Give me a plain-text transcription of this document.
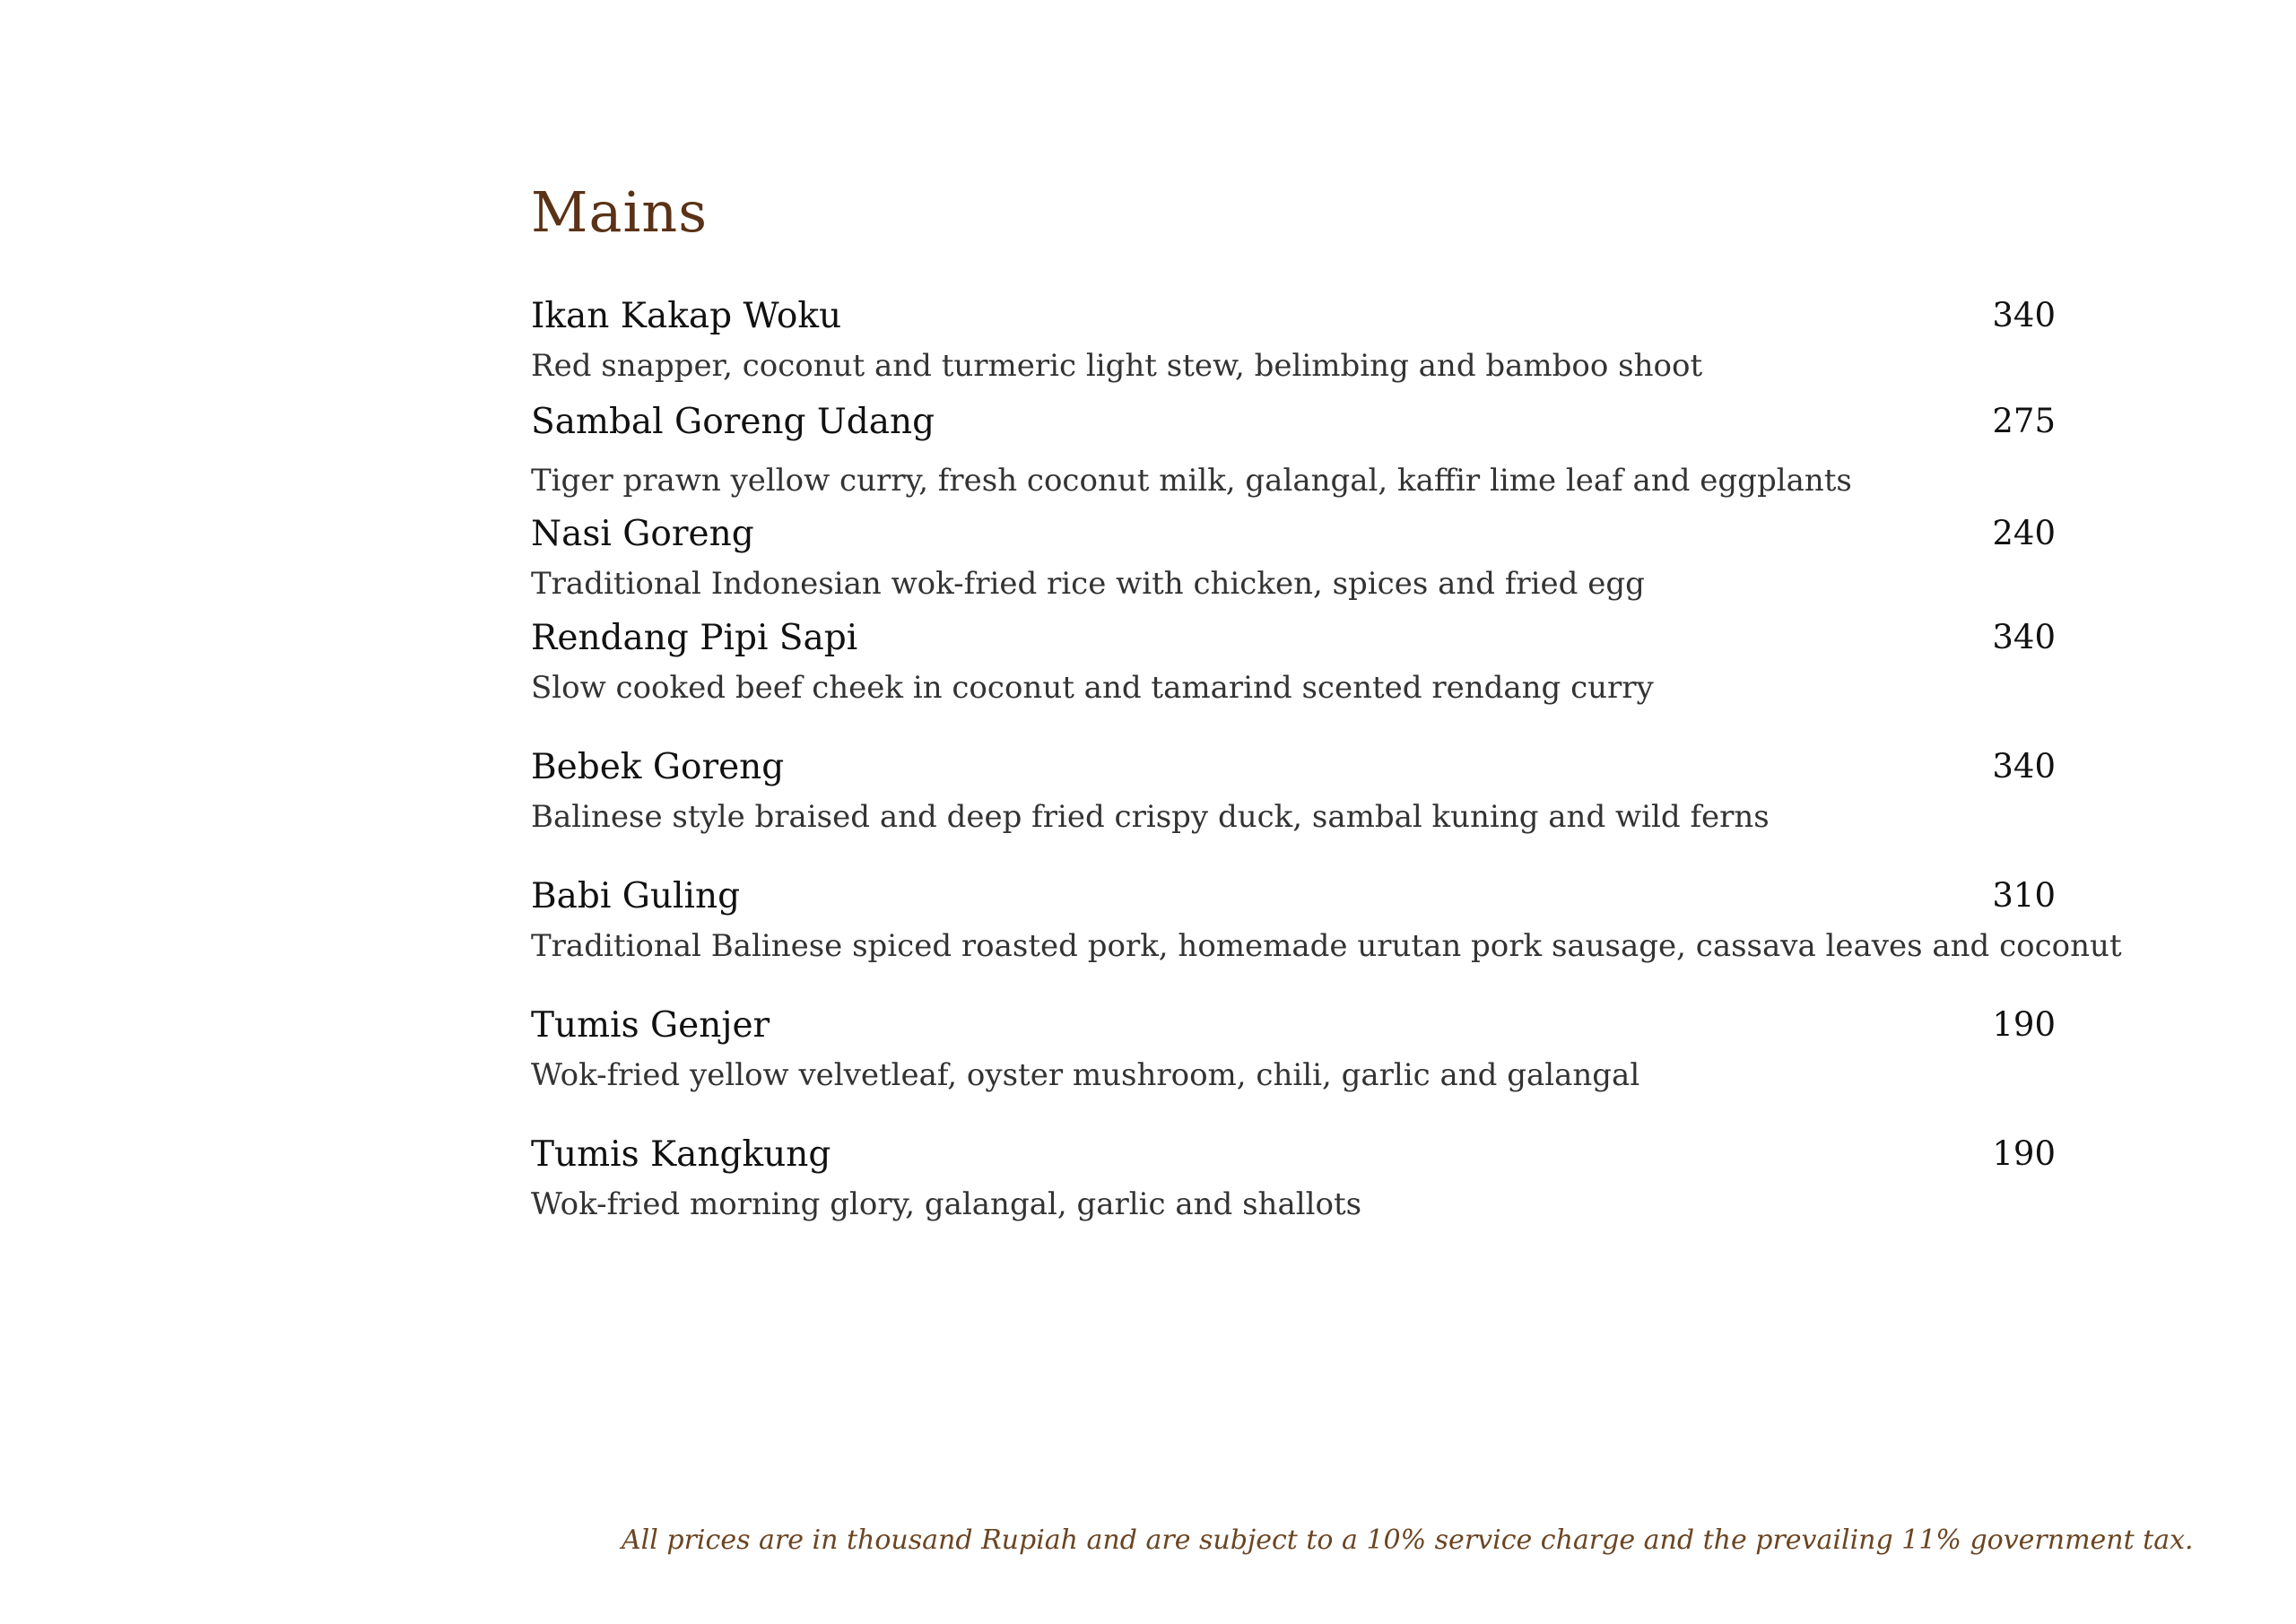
Mains
Ikan Kakap Woku	340
Red snapper, coconut and turmeric light stew, belimbing and bamboo shoot
Sambal Goreng Udang	275
Tiger prawn yellow curry, fresh coconut milk, galangal, kaffir lime leaf and eggplants
Nasi Goreng	240
Traditional Indonesian wok-fried rice with chicken, spices and fried egg
Rendang Pipi Sapi	340
Slow cooked beef cheek in coconut and tamarind scented rendang curry
Bebek Goreng	340
Balinese style braised and deep fried crispy duck, sambal kuning and wild ferns
Babi Guling	310
Traditional Balinese spiced roasted pork, homemade urutan pork sausage, cassava leaves and coconut
Tumis Genjer	190
Wok-fried yellow velvetleaf, oyster mushroom, chili, garlic and galangal
Tumis Kangkung	190
Wok-fried morning glory, galangal, garlic and shallots
All prices are in thousand Rupiah and are subject to a 10% service charge and the prevailing 11% government tax.
